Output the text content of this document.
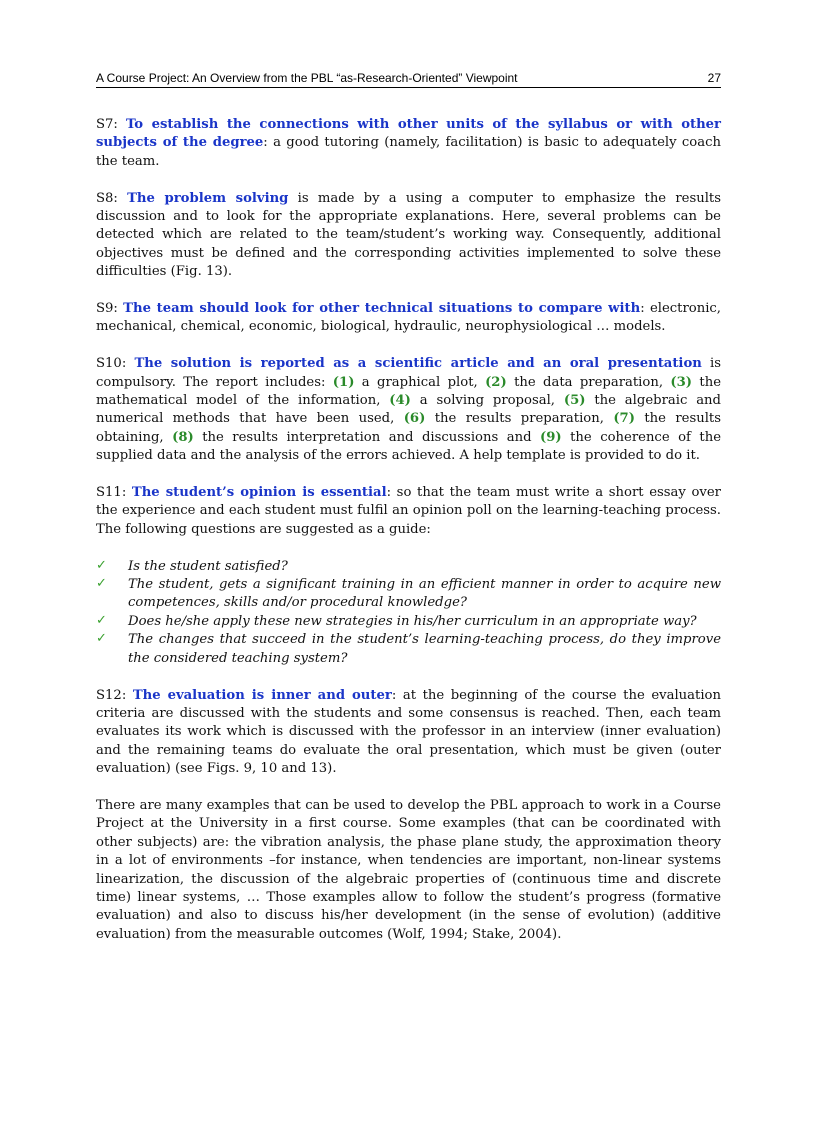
A Course Project: An Overview from the PBL “as-Research-Oriented” Viewpoint	27

S7: To establish the connections with other units of the syllabus or with other subjects of the degree: a good tutoring (namely, facilitation) is basic to adequately coach the team.

S8: The problem solving is made by a using a computer to emphasize the results discussion and to look for the appropriate explanations. Here, several problems can be detected which are related to the team/student’s working way. Consequently, additional objectives must be defined and the corresponding activities implemented to solve these difficulties (Fig. 13).

S9: The team should look for other technical situations to compare with: electronic, mechanical, chemical, economic, biological, hydraulic, neurophysiological … models.

S10: The solution is reported as a scientific article and an oral presentation is compulsory. The report includes: (1) a graphical plot, (2) the data preparation, (3) the mathematical model of the information, (4) a solving proposal, (5) the algebraic and numerical methods that have been used, (6) the results preparation, (7) the results obtaining, (8) the results interpretation and discussions and (9) the coherence of the supplied data and the analysis of the errors achieved. A help template is provided to do it.

S11: The student’s opinion is essential: so that the team must write a short essay over the experience and each student must fulfil an opinion poll on the learning-teaching process. The following questions are suggested as a guide:

✓ Is the student satisfied?
✓ The student, gets a significant training in an efficient manner in order to acquire new competences, skills and/or procedural knowledge?
✓ Does he/she apply these new strategies in his/her curriculum in an appropriate way?
✓ The changes that succeed in the student’s learning-teaching process, do they improve the considered teaching system?

S12: The evaluation is inner and outer: at the beginning of the course the evaluation criteria are discussed with the students and some consensus is reached. Then, each team evaluates its work which is discussed with the professor in an interview (inner evaluation) and the remaining teams do evaluate the oral presentation, which must be given (outer evaluation) (see Figs. 9, 10 and 13).

There are many examples that can be used to develop the PBL approach to work in a Course Project at the University in a first course. Some examples (that can be coordinated with other subjects) are: the vibration analysis, the phase plane study, the approximation theory in a lot of environments –for instance, when tendencies are important, non-linear systems linearization, the discussion of the algebraic properties of (continuous time and discrete time) linear systems, … Those examples allow to follow the student’s progress (formative evaluation) and also to discuss his/her development (in the sense of evolution) (additive evaluation) from the measurable outcomes (Wolf, 1994; Stake, 2004).
